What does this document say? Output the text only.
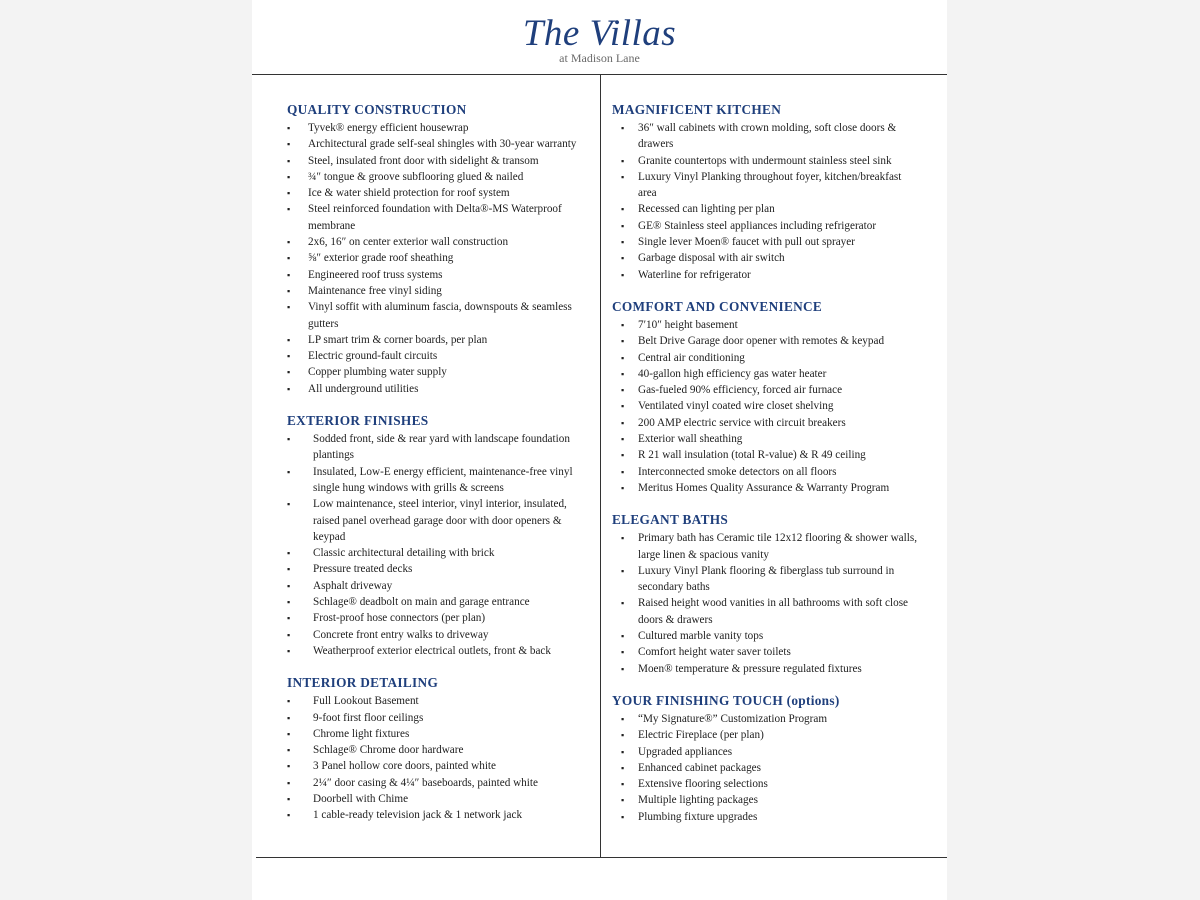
The Villas
at Madison Lane
QUALITY CONSTRUCTION
▪ Tyvek® energy efficient housewrap
▪ Architectural grade self-seal shingles with 30-year warranty
▪ Steel, insulated front door with sidelight & transom
▪ ¾″ tongue & groove subflooring glued & nailed
▪ Ice & water shield protection for roof system
▪ Steel reinforced foundation with Delta®-MS Waterproof membrane
▪ 2x6, 16″ on center exterior wall construction
▪ ⅝″ exterior grade roof sheathing
▪ Engineered roof truss systems
▪ Maintenance free vinyl siding
▪ Vinyl soffit with aluminum fascia, downspouts & seamless gutters
▪ LP smart trim & corner boards, per plan
▪ Electric ground-fault circuits
▪ Copper plumbing water supply
▪ All underground utilities
EXTERIOR FINISHES
▪ Sodded front, side & rear yard with landscape foundation plantings
▪ Insulated, Low-E energy efficient, maintenance-free vinyl single hung windows with grills & screens
▪ Low maintenance, steel interior, vinyl interior, insulated, raised panel overhead garage door with door openers & keypad
▪ Classic architectural detailing with brick
▪ Pressure treated decks
▪ Asphalt driveway
▪ Schlage® deadbolt on main and garage entrance
▪ Frost-proof hose connectors (per plan)
▪ Concrete front entry walks to driveway
▪ Weatherproof exterior electrical outlets, front & back
INTERIOR DETAILING
▪ Full Lookout Basement
▪ 9-foot first floor ceilings
▪ Chrome light fixtures
▪ Schlage® Chrome door hardware
▪ 3 Panel hollow core doors, painted white
▪ 2¼″ door casing & 4¼″ baseboards, painted white
▪ Doorbell with Chime
▪ 1 cable-ready television jack & 1 network jack
MAGNIFICENT KITCHEN
▪ 36″ wall cabinets with crown molding, soft close doors & drawers
▪ Granite countertops with undermount stainless steel sink
▪ Luxury Vinyl Planking throughout foyer, kitchen/breakfast area
▪ Recessed can lighting per plan
▪ GE® Stainless steel appliances including refrigerator
▪ Single lever Moen® faucet with pull out sprayer
▪ Garbage disposal with air switch
▪ Waterline for refrigerator
COMFORT AND CONVENIENCE
▪ 7′10″ height basement
▪ Belt Drive Garage door opener with remotes & keypad
▪ Central air conditioning
▪ 40-gallon high efficiency gas water heater
▪ Gas-fueled 90% efficiency, forced air furnace
▪ Ventilated vinyl coated wire closet shelving
▪ 200 AMP electric service with circuit breakers
▪ Exterior wall sheathing
▪ R 21 wall insulation (total R-value) & R 49 ceiling
▪ Interconnected smoke detectors on all floors
▪ Meritus Homes Quality Assurance & Warranty Program
ELEGANT BATHS
▪ Primary bath has Ceramic tile 12x12 flooring & shower walls, large linen & spacious vanity
▪ Luxury Vinyl Plank flooring & fiberglass tub surround in secondary baths
▪ Raised height wood vanities in all bathrooms with soft close doors & drawers
▪ Cultured marble vanity tops
▪ Comfort height water saver toilets
▪ Moen® temperature & pressure regulated fixtures
YOUR FINISHING TOUCH (options)
▪ “My Signature®” Customization Program
▪ Electric Fireplace (per plan)
▪ Upgraded appliances
▪ Enhanced cabinet packages
▪ Extensive flooring selections
▪ Multiple lighting packages
▪ Plumbing fixture upgrades
